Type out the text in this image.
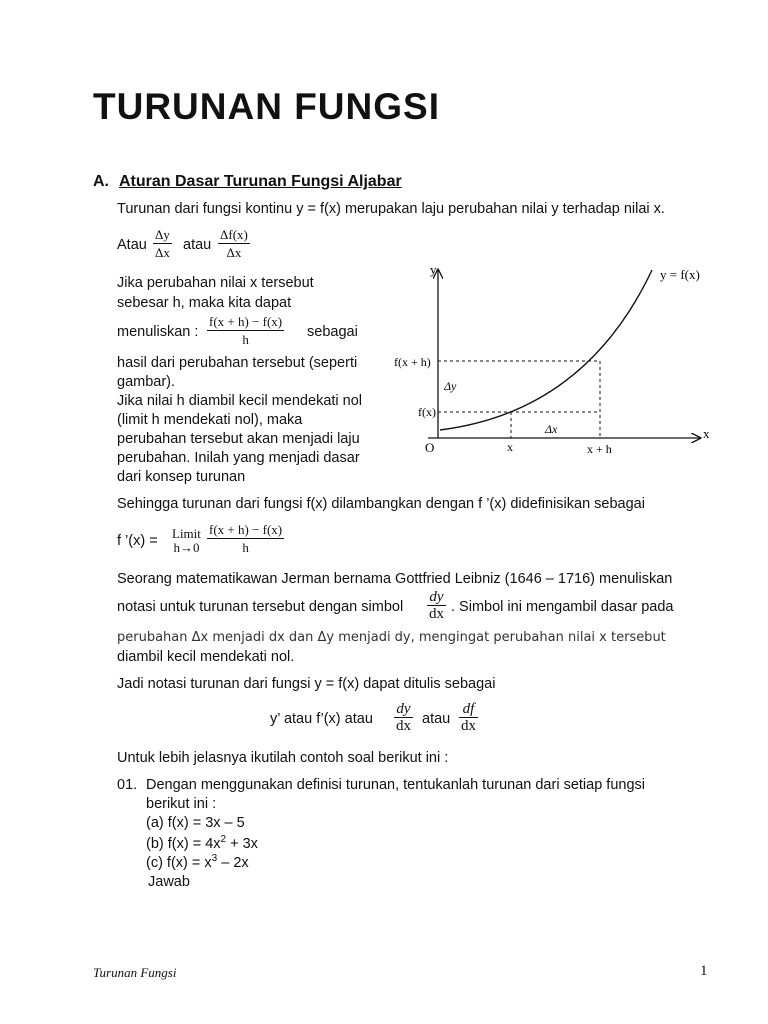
TURUNAN FUNGSI
A. Aturan Dasar Turunan Fungsi Aljabar
Turunan dari fungsi kontinu y = f(x) merupakan laju perubahan nilai y terhadap nilai x.
Atau $\frac{\Delta y}{\Delta x}$ atau $\frac{\Delta f(x)}{\Delta x}$
Jika perubahan nilai x tersebut
sebesar h, maka kita dapat
menuliskan : $\frac{f(x + h) - f(x)}{h}$ sebagai
hasil dari perubahan tersebut (seperti
gambar).
Jika nilai h diambil kecil mendekati nol
(limit h mendekati nol), maka
perubahan tersebut akan menjadi laju
perubahan. Inilah yang menjadi dasar
dari konsep turunan
y
x
O
y = f(x)
f(x + h)
f(x)
Δy
Δx
x	x + h
Sehingga turunan dari fungsi f(x) dilambangkan dengan f ’(x) didefinisikan sebagai
f ’(x) = Limit
$h\to 0 \frac{f(x + h) - f(x)}{h}$
Seorang matematikawan Jerman bernama Gottfried Leibniz (1646 – 1716) menuliskan
notasi untuk turunan tersebut dengan simbol $\frac{dy}{dx}$ . Simbol ini mengambil dasar pada
perubahan Δx menjadi dx dan Δy menjadi dy, mengingat perubahan nilai x tersebut
diambil kecil mendekati nol.
Jadi notasi turunan dari fungsi y = f(x) dapat ditulis sebagai
y’ atau f’(x) atau $\frac{dy}{dx}$ atau $\frac{df}{dx}$
Untuk lebih jelasnya ikutilah contoh soal berikut ini :
01. Dengan menggunakan definisi turunan, tentukanlah turunan dari setiap fungsi
berikut ini :
(a) f(x) = 3x – 5
(b) $f(x) = 4x^2 + 3x$
(c) $f(x) = x^3 - 2x$
Jawab
Turunan Fungsi	1
